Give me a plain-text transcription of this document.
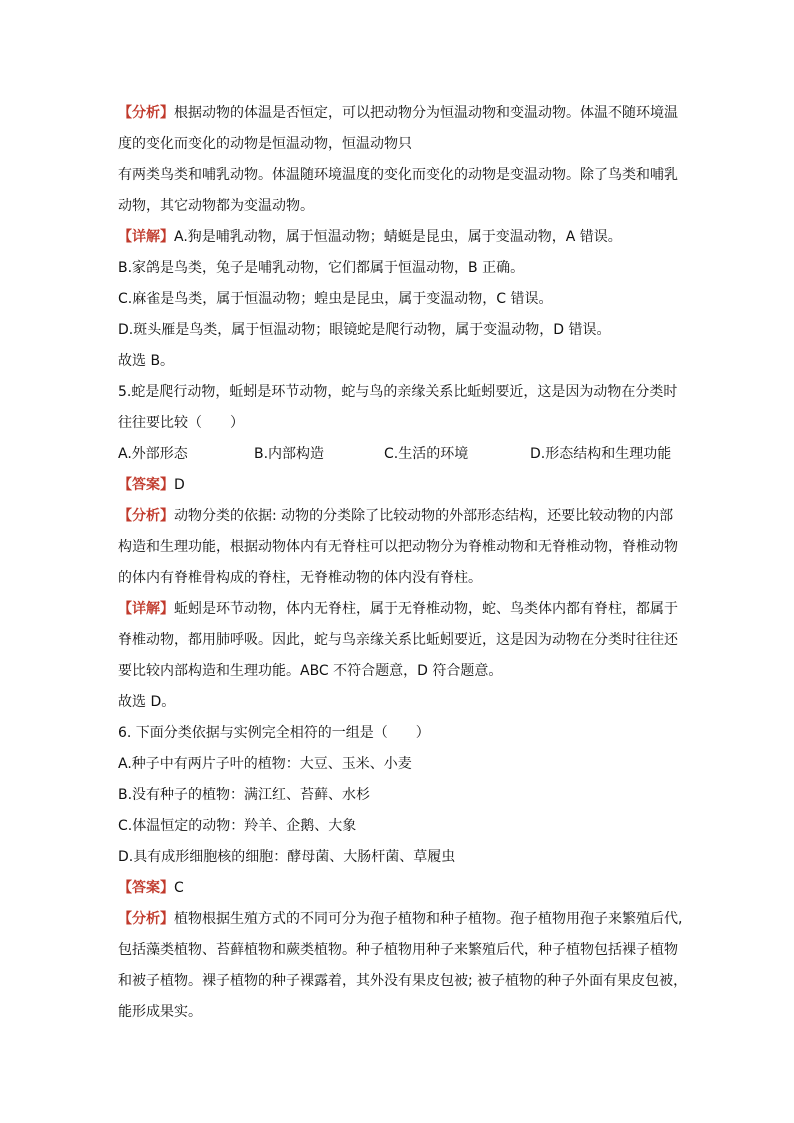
【分析】根据动物的体温是否恒定，可以把动物分为恒温动物和变温动物。体温不随环境温

度的变化而变化的动物是恒温动物，恒温动物只

有两类鸟类和哺乳动物。体温随环境温度的变化而变化的动物是变温动物。除了鸟类和哺乳

动物，其它动物都为变温动物。

【详解】A.狗是哺乳动物，属于恒温动物；蜻蜓是昆虫，属于变温动物，A 错误。

B.家鸽是鸟类，兔子是哺乳动物，它们都属于恒温动物，B 正确。

C.麻雀是鸟类，属于恒温动物；蝗虫是昆虫，属于变温动物，C 错误。

D.斑头雁是鸟类，属于恒温动物；眼镜蛇是爬行动物，属于变温动物，D 错误。

故选 B。

5.蛇是爬行动物，蚯蚓是环节动物，蛇与鸟的亲缘关系比蚯蚓要近，这是因为动物在分类时

往往要比较（　　）

A.外部形态	B.内部构造	C.生活的环境	D.形态结构和生理功能

【答案】D

【分析】动物分类的依据: 动物的分类除了比较动物的外部形态结构，还要比较动物的内部

构造和生理功能，根据动物体内有无脊柱可以把动物分为脊椎动物和无脊椎动物，脊椎动物

的体内有脊椎骨构成的脊柱，无脊椎动物的体内没有脊柱。

【详解】蚯蚓是环节动物，体内无脊柱，属于无脊椎动物，蛇、鸟类体内都有脊柱，都属于

脊椎动物，都用肺呼吸。因此，蛇与鸟亲缘关系比蚯蚓要近，这是因为动物在分类时往往还

要比较内部构造和生理功能。ABC 不符合题意，D 符合题意。

故选 D。

6. 下面分类依据与实例完全相符的一组是（　　）

A.种子中有两片子叶的植物：大豆、玉米、小麦

B.没有种子的植物：满江红、苔藓、水杉

C.体温恒定的动物：羚羊、企鹅、大象

D.具有成形细胞核的细胞：酵母菌、大肠杆菌、草履虫

【答案】C

【分析】植物根据生殖方式的不同可分为孢子植物和种子植物。孢子植物用孢子来繁殖后代,

包括藻类植物、苔藓植物和蕨类植物。种子植物用种子来繁殖后代，种子植物包括裸子植物

和被子植物。裸子植物的种子裸露着，其外没有果皮包被; 被子植物的种子外面有果皮包被，

能形成果实。
